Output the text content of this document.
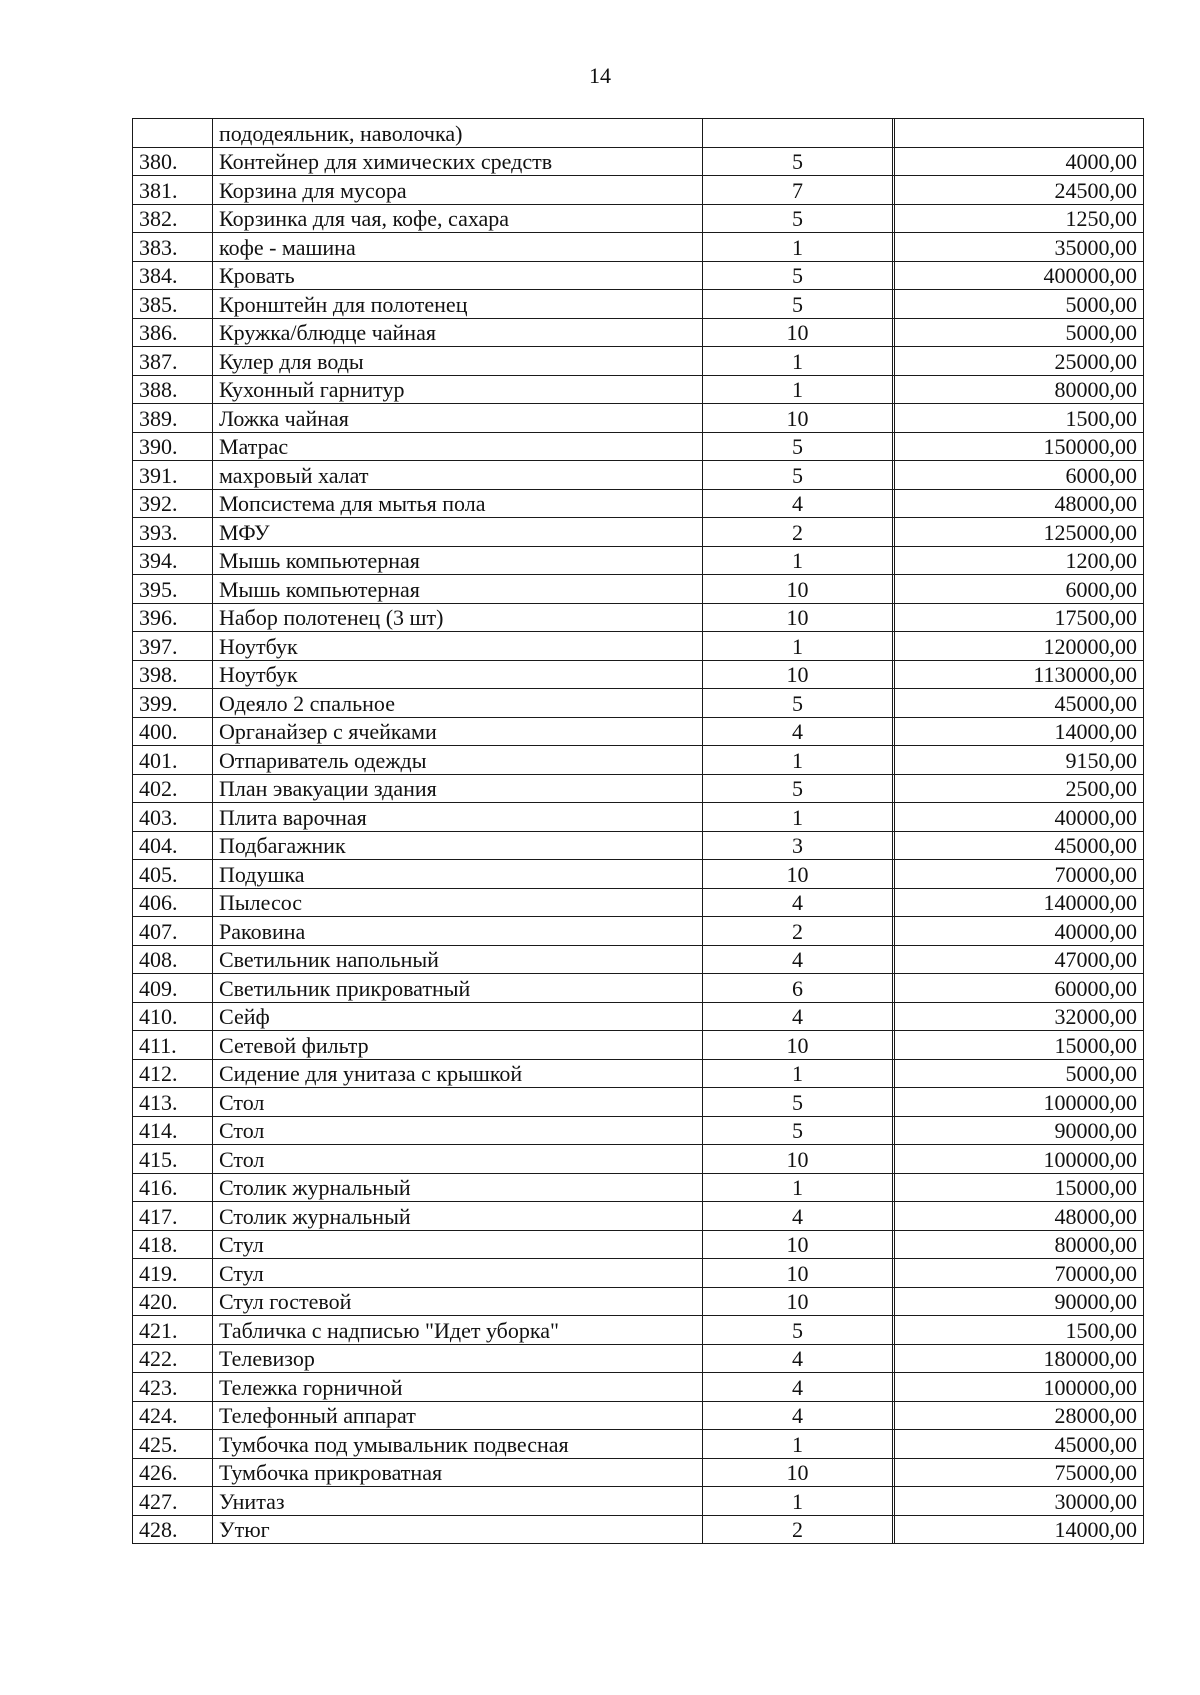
14
	пододеяльник, наволочка)			
380.	Контейнер для химических средств	5		4000,00
381.	Корзина для мусора	7		24500,00
382.	Корзинка для чая, кофе, сахара	5		1250,00
383.	кофе - машина	1		35000,00
384.	Кровать	5		400000,00
385.	Кронштейн для полотенец	5		5000,00
386.	Кружка/блюдце чайная	10		5000,00
387.	Кулер для воды	1		25000,00
388.	Кухонный гарнитур	1		80000,00
389.	Ложка чайная	10		1500,00
390.	Матрас	5		150000,00
391.	махровый халат	5		6000,00
392.	Мопсистема для мытья пола	4		48000,00
393.	МФУ	2		125000,00
394.	Мышь компьютерная	1		1200,00
395.	Мышь компьютерная	10		6000,00
396.	Набор полотенец (3 шт)	10		17500,00
397.	Ноутбук	1		120000,00
398.	Ноутбук	10		1130000,00
399.	Одеяло 2 спальное	5		45000,00
400.	Органайзер с ячейками	4		14000,00
401.	Отпариватель одежды	1		9150,00
402.	План эвакуации здания	5		2500,00
403.	Плита варочная	1		40000,00
404.	Подбагажник	3		45000,00
405.	Подушка	10		70000,00
406.	Пылесос	4		140000,00
407.	Раковина	2		40000,00
408.	Светильник напольный	4		47000,00
409.	Светильник прикроватный	6		60000,00
410.	Сейф	4		32000,00
411.	Сетевой фильтр	10		15000,00
412.	Сидение для унитаза с крышкой	1		5000,00
413.	Стол	5		100000,00
414.	Стол	5		90000,00
415.	Стол	10		100000,00
416.	Столик журнальный	1		15000,00
417.	Столик журнальный	4		48000,00
418.	Стул	10		80000,00
419.	Стул	10		70000,00
420.	Стул гостевой	10		90000,00
421.	Табличка с надписью "Идет уборка"	5		1500,00
422.	Телевизор	4		180000,00
423.	Тележка горничной	4		100000,00
424.	Телефонный аппарат	4		28000,00
425.	Тумбочка под умывальник подвесная	1		45000,00
426.	Тумбочка прикроватная	10		75000,00
427.	Унитаз	1		30000,00
428.	Утюг	2		14000,00
